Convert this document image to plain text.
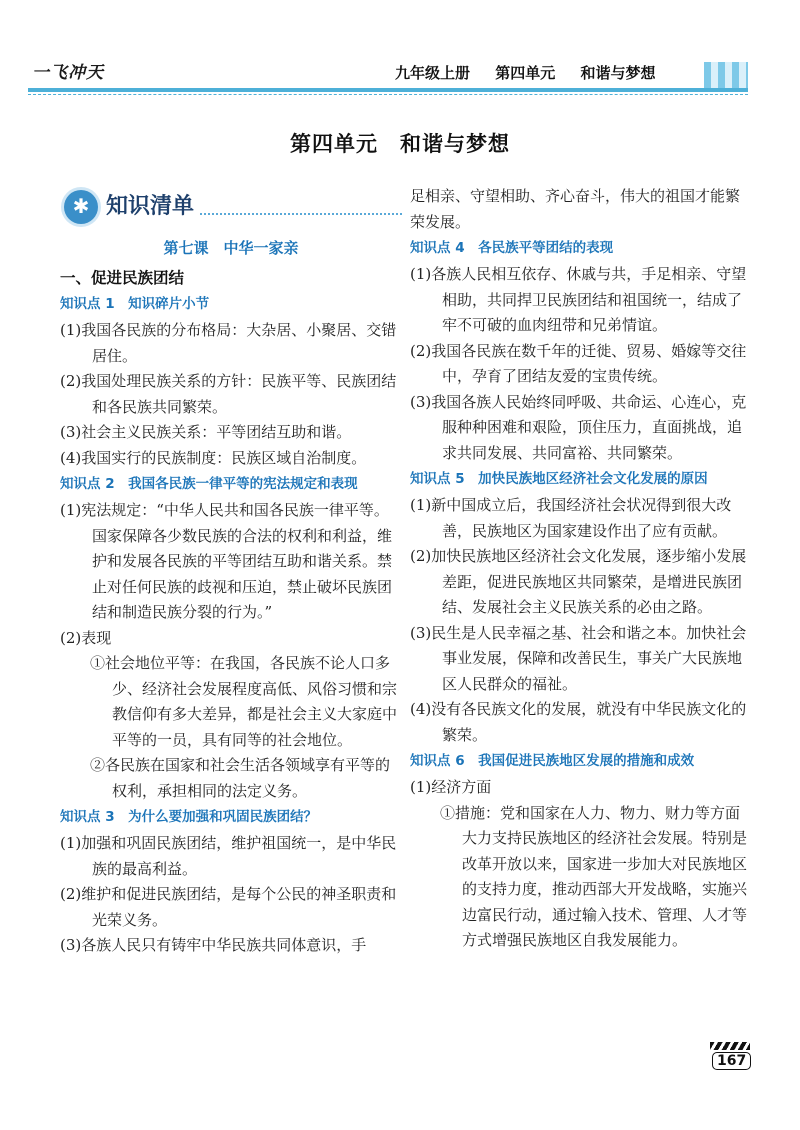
一飞冲天	九年级上册 第四单元 和谐与梦想
第四单元　和谐与梦想
✱ 知识清单
第七课　中华一家亲
一、促进民族团结
知识点 1　知识碎片小节
(1)我国各民族的分布格局：大杂居、小聚居、交错居住。
(2)我国处理民族关系的方针：民族平等、民族团结和各民族共同繁荣。
(3)社会主义民族关系：平等团结互助和谐。
(4)我国实行的民族制度：民族区域自治制度。
知识点 2　我国各民族一律平等的宪法规定和表现
(1)宪法规定：“中华人民共和国各民族一律平等。国家保障各少数民族的合法的权利和利益，维护和发展各民族的平等团结互助和谐关系。禁止对任何民族的歧视和压迫，禁止破坏民族团结和制造民族分裂的行为。”
(2)表现
①社会地位平等：在我国，各民族不论人口多少、经济社会发展程度高低、风俗习惯和宗教信仰有多大差异，都是社会主义大家庭中平等的一员，具有同等的社会地位。
②各民族在国家和社会生活各领域享有平等的权利，承担相同的法定义务。
知识点 3　为什么要加强和巩固民族团结？
(1)加强和巩固民族团结，维护祖国统一，是中华民族的最高利益。
(2)维护和促进民族团结，是每个公民的神圣职责和光荣义务。
(3)各族人民只有铸牢中华民族共同体意识，手
足相亲、守望相助、齐心奋斗，伟大的祖国才能繁荣发展。
知识点 4　各民族平等团结的表现
(1)各族人民相互依存、休戚与共，手足相亲、守望相助，共同捍卫民族团结和祖国统一，结成了牢不可破的血肉纽带和兄弟情谊。
(2)我国各民族在数千年的迁徙、贸易、婚嫁等交往中，孕育了团结友爱的宝贵传统。
(3)我国各族人民始终同呼吸、共命运、心连心，克服种种困难和艰险，顶住压力，直面挑战，追求共同发展、共同富裕、共同繁荣。
知识点 5　加快民族地区经济社会文化发展的原因
(1)新中国成立后，我国经济社会状况得到很大改善，民族地区为国家建设作出了应有贡献。
(2)加快民族地区经济社会文化发展，逐步缩小发展差距，促进民族地区共同繁荣，是增进民族团结、发展社会主义民族关系的必由之路。
(3)民生是人民幸福之基、社会和谐之本。加快社会事业发展，保障和改善民生，事关广大民族地区人民群众的福祉。
(4)没有各民族文化的发展，就没有中华民族文化的繁荣。
知识点 6　我国促进民族地区发展的措施和成效
(1)经济方面
①措施：党和国家在人力、物力、财力等方面大力支持民族地区的经济社会发展。特别是改革开放以来，国家进一步加大对民族地区的支持力度，推动西部大开发战略，实施兴边富民行动，通过输入技术、管理、人才等方式增强民族地区自我发展能力。
167
